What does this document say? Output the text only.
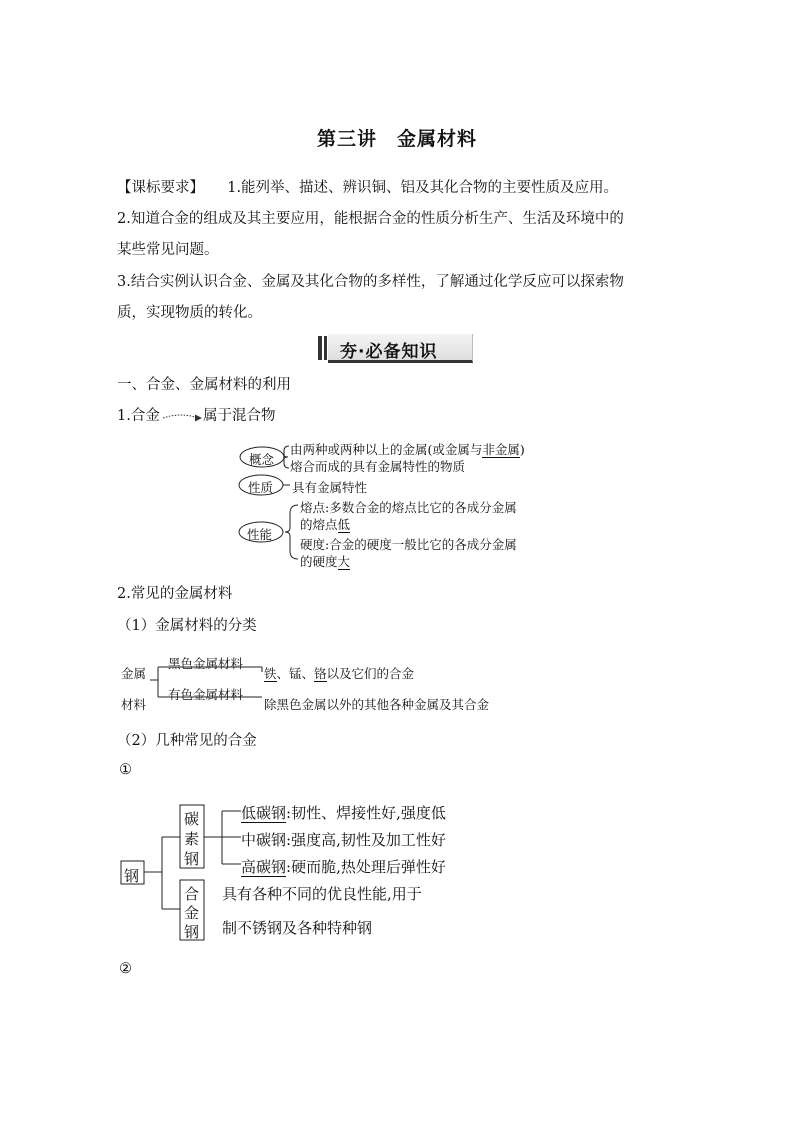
第三讲　金属材料
【课标要求】 1.能列举、描述、辨识铜、铝及其化合物的主要性质及应用。
2.知道合金的组成及其主要应用，能根据合金的性质分析生产、生活及环境中的
某些常见问题。
3.结合实例认识合金、金属及其化合物的多样性，了解通过化学反应可以探索物
质，实现物质的转化。
夯·必备知识
一、合金、金属材料的利用
1.合金	属于混合物
概念
性质
性能
由两种或两种以上的金属(或金属与非金属)
熔合而成的具有金属特性的物质
具有金属特性
熔点:多数合金的熔点比它的各成分金属
的熔点低
硬度:合金的硬度一般比它的各成分金属
的硬度大
2.常见的金属材料
（1）金属材料的分类
金属
材料
黑色金属材料
有色金属材料
铁、锰、铬以及它们的合金
除黑色金属以外的其他各种金属及其合金
（2）几种常见的合金
①
钢
碳
素
钢
合
金
钢
低碳钢:韧性、焊接性好,强度低
中碳钢:强度高,韧性及加工性好
高碳钢:硬而脆,热处理后弹性好
具有各种不同的优良性能,用于
制不锈钢及各种特种钢
②
